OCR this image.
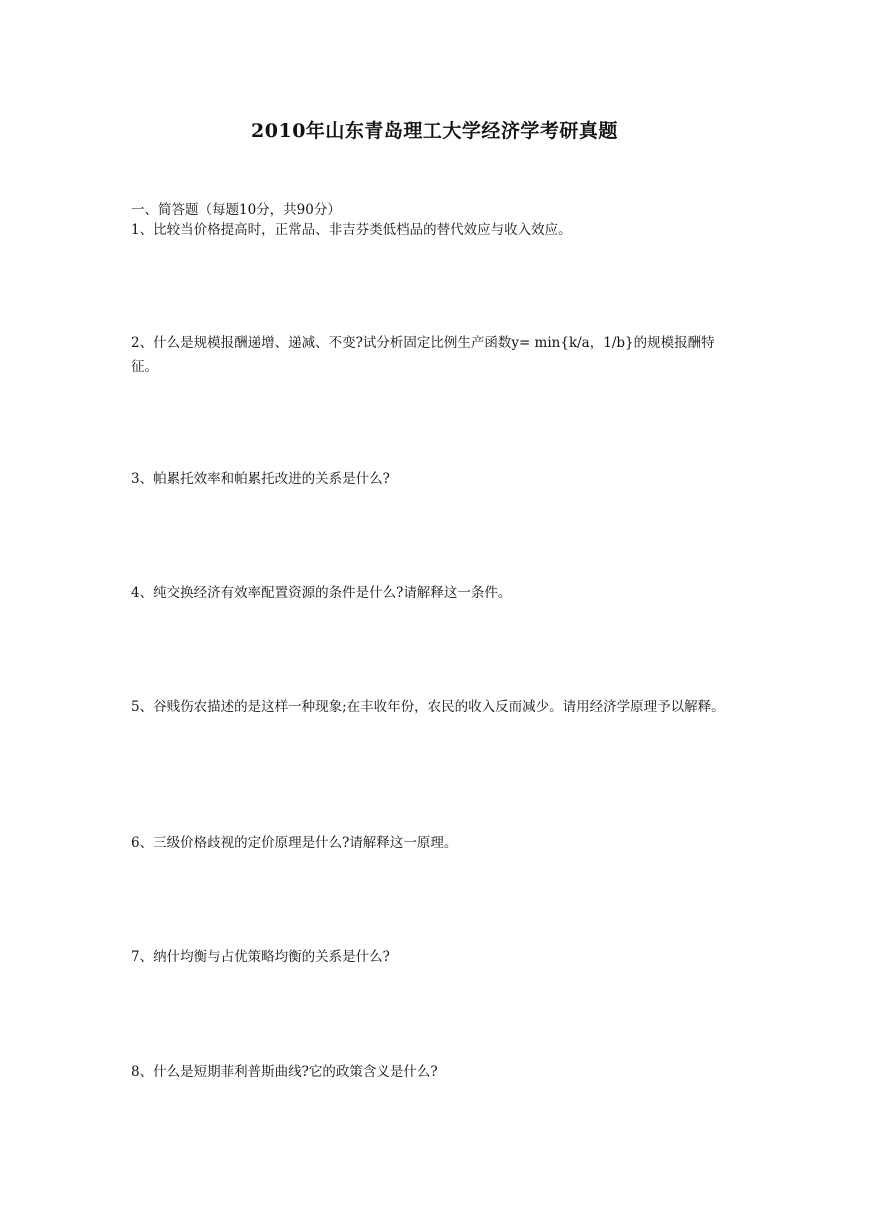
2010年山东青岛理工大学经济学考研真题
一、简答题（每题10分，共90分）
1、比较当价格提高时，正常品、非吉芬类低档品的替代效应与收入效应。
2、什么是规模报酬递增、递减、不变?试分析固定比例生产函数y= min{k/a，1/b}的规模报酬特征。
3、帕累托效率和帕累托改进的关系是什么?
4、纯交换经济有效率配置资源的条件是什么?请解释这一条件。
5、谷贱伤农描述的是这样一种现象;在丰收年份，农民的收入反而减少。请用经济学原理予以解释。
6、三级价格歧视的定价原理是什么?请解释这一原理。
7、纳什均衡与占优策略均衡的关系是什么?
8、什么是短期菲利普斯曲线?它的政策含义是什么?
